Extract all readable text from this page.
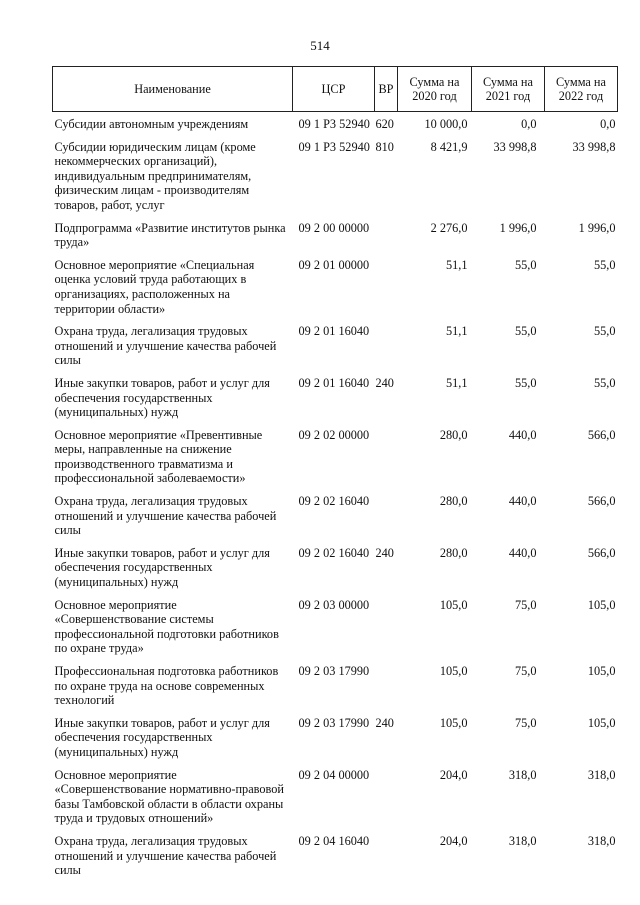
514
Наименование	ЦСР	ВР	Сумма на 2020 год	Сумма на 2021 год	Сумма на 2022 год
Субсидии автономным учреждениям	09 1 P3 52940	620	10 000,0	0,0	0,0
Субсидии юридическим лицам (кроме некоммерческих организаций), индивидуальным предпринимателям, физическим лицам - производителям товаров, работ, услуг	09 1 P3 52940	810	8 421,9	33 998,8	33 998,8
Подпрограмма «Развитие институтов рынка труда»	09 2 00 00000		2 276,0	1 996,0	1 996,0
Основное мероприятие «Специальная оценка условий труда работающих в организациях, расположенных на территории области»	09 2 01 00000		51,1	55,0	55,0
Охрана труда, легализация трудовых отношений и улучшение качества рабочей силы	09 2 01 16040		51,1	55,0	55,0
Иные закупки товаров, работ и услуг для обеспечения государственных (муниципальных) нужд	09 2 01 16040	240	51,1	55,0	55,0
Основное мероприятие «Превентивные меры, направленные на снижение производственного травматизма и профессиональной заболеваемости»	09 2 02 00000		280,0	440,0	566,0
Охрана труда, легализация трудовых отношений и улучшение качества рабочей силы	09 2 02 16040		280,0	440,0	566,0
Иные закупки товаров, работ и услуг для обеспечения государственных (муниципальных) нужд	09 2 02 16040	240	280,0	440,0	566,0
Основное мероприятие «Совершенствование системы профессиональной подготовки работников по охране труда»	09 2 03 00000		105,0	75,0	105,0
Профессиональная подготовка работников по охране труда на основе современных технологий	09 2 03 17990		105,0	75,0	105,0
Иные закупки товаров, работ и услуг для обеспечения государственных (муниципальных) нужд	09 2 03 17990	240	105,0	75,0	105,0
Основное мероприятие «Совершенствование нормативно-правовой базы Тамбовской области в области охраны труда и трудовых отношений»	09 2 04 00000		204,0	318,0	318,0
Охрана труда, легализация трудовых отношений и улучшение качества рабочей силы	09 2 04 16040		204,0	318,0	318,0
